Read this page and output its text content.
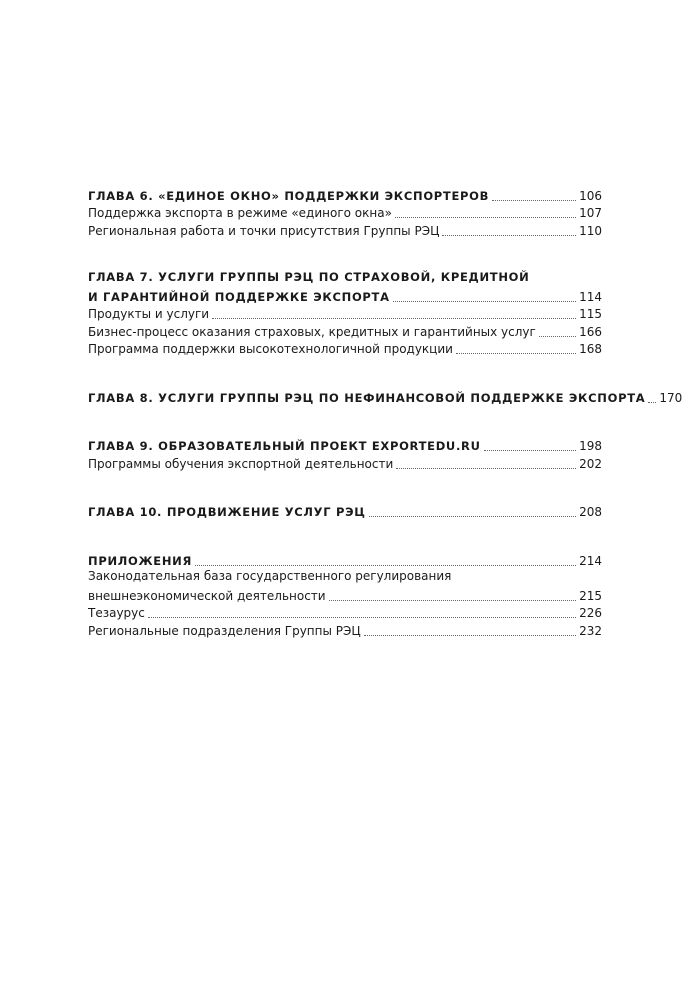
ГЛАВА 6. «ЕДИНОЕ ОКНО» ПОДДЕРЖКИ ЭКСПОРТЕРОВ	106
Поддержка экспорта в режиме «единого окна»	107
Региональная работа и точки присутствия Группы РЭЦ	110
ГЛАВА 7. УСЛУГИ ГРУППЫ РЭЦ ПО СТРАХОВОЙ, КРЕДИТНОЙ
И ГАРАНТИЙНОЙ ПОДДЕРЖКЕ ЭКСПОРТА	114
Продукты и услуги	115
Бизнес-процесс оказания страховых, кредитных и гарантийных услуг	166
Программа поддержки высокотехнологичной продукции	168
ГЛАВА 8. УСЛУГИ ГРУППЫ РЭЦ ПО НЕФИНАНСОВОЙ ПОДДЕРЖКЕ ЭКСПОРТА 170
ГЛАВА 9. ОБРАЗОВАТЕЛЬНЫЙ ПРОЕКТ EXPORTEDU.RU	198
Программы обучения экспортной деятельности	202
ГЛАВА 10. ПРОДВИЖЕНИЕ УСЛУГ РЭЦ	208
ПРИЛОЖЕНИЯ	214
Законодательная база государственного регулирования
внешнеэкономической деятельности	215
Тезаурус	226
Региональные подразделения Группы РЭЦ	232
